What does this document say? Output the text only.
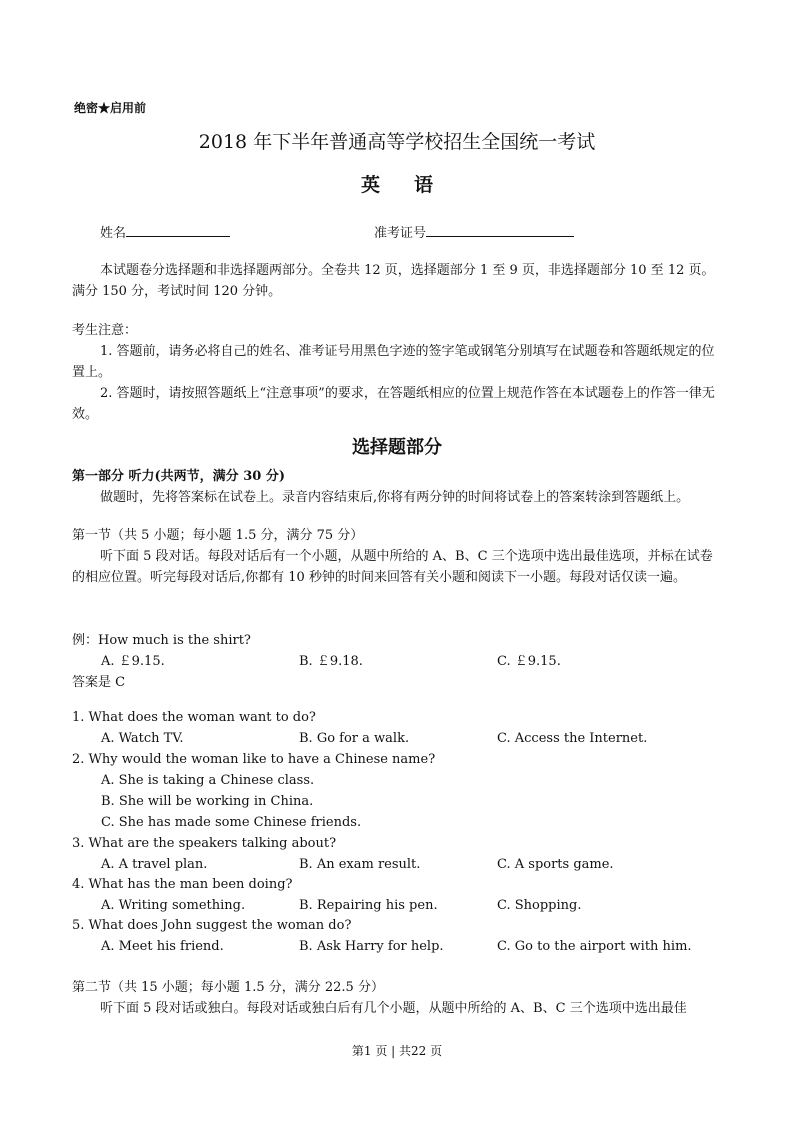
绝密★启用前
2018 年下半年普通高等学校招生全国统一考试
英语
姓名	准考证号
本试题卷分选择题和非选择题两部分。全卷共 12 页，选择题部分 1 至 9 页，非选择题部分 10 至 12 页。满分 150 分，考试时间 120 分钟。
考生注意：
1. 答题前，请务必将自己的姓名、准考证号用黑色字迹的签字笔或钢笔分别填写在试题卷和答题纸规定的位置上。
2. 答题时，请按照答题纸上“注意事项”的要求，在答题纸相应的位置上规范作答在本试题卷上的作答一律无效。
选择题部分
第一部分 听力(共两节，满分 30 分)
做题时，先将答案标在试卷上。录音内容结束后,你将有两分钟的时间将试卷上的答案转涂到答题纸上。
第一节（共 5 小题；每小题 1.5 分，满分 75 分）
听下面 5 段对话。每段对话后有一个小题，从题中所给的 A、B、C 三个选项中选出最佳选项，并标在试卷的相应位置。听完每段对话后,你都有 10 秒钟的时间来回答有关小题和阅读下一小题。每段对话仅读一遍。
例：How much is the shirt?
A. ￡9.15.	B. ￡9.18.	C. ￡9.15.
答案是 C
1. What does the woman want to do?
A. Watch TV.	B. Go for a walk.	C. Access the Internet.
2. Why would the woman like to have a Chinese name?
A. She is taking a Chinese class.
B. She will be working in China.
C. She has made some Chinese friends.
3. What are the speakers talking about?
A. A travel plan.	B. An exam result.	C. A sports game.
4. What has the man been doing?
A. Writing something.	B. Repairing his pen.	C. Shopping.
5. What does John suggest the woman do?
A. Meet his friend.	B. Ask Harry for help.	C. Go to the airport with him.
第二节（共 15 小题；每小题 1.5 分，满分 22.5 分）
听下面 5 段对话或独白。每段对话或独白后有几个小题，从题中所给的 A、B、C 三个选项中选出最佳
第1 页 | 共22 页
